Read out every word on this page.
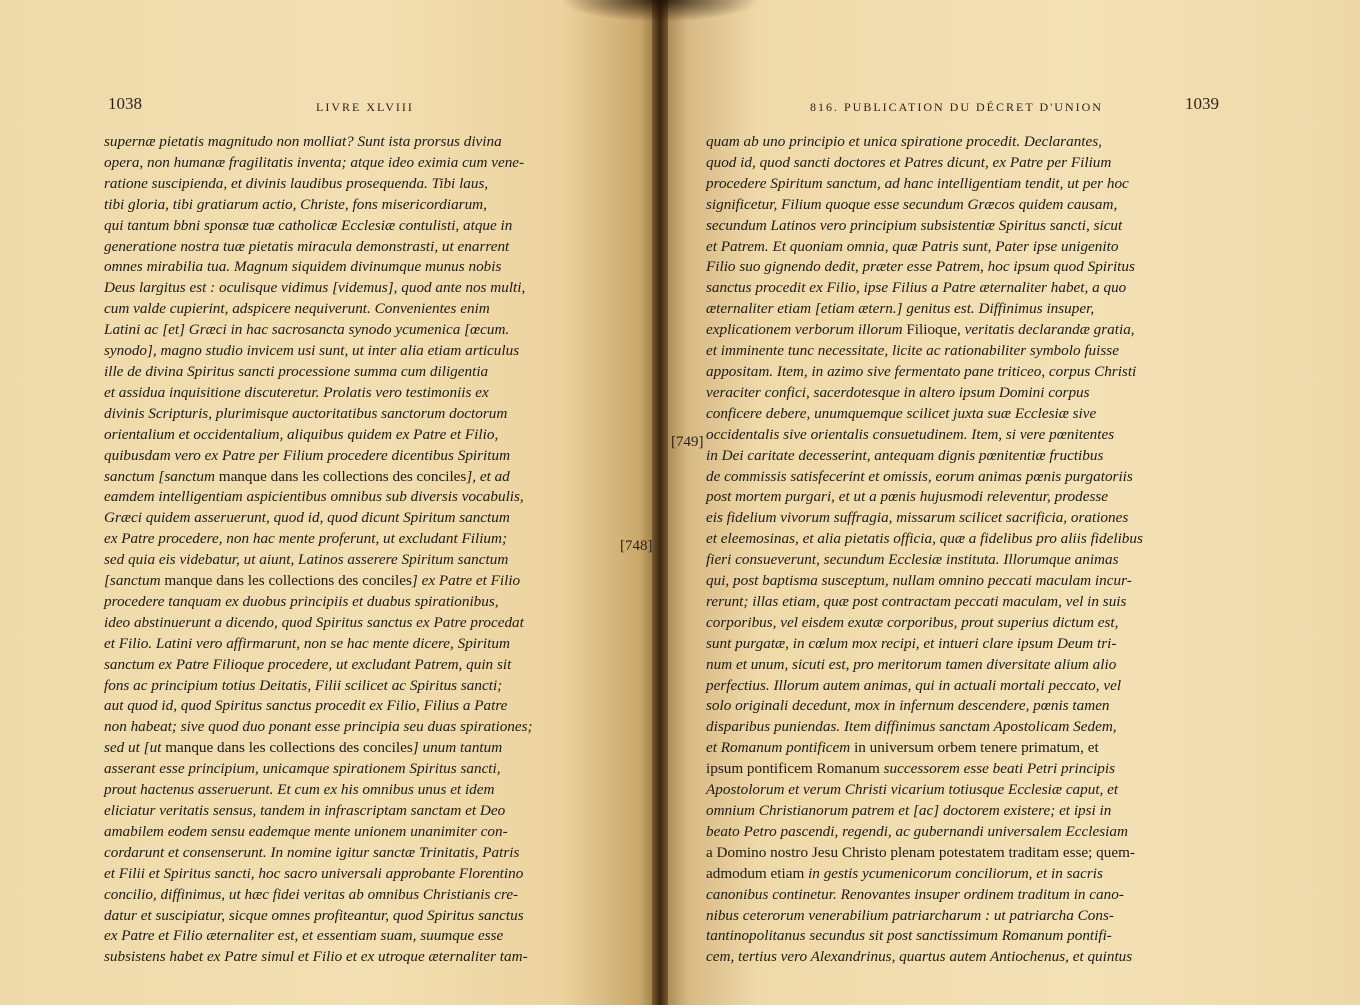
1038	LIVRE XLVIII
supernæ pietatis magnitudo non molliat? Sunt ista prorsus divina
opera, non humanæ fragilitatis inventa; atque ideo eximia cum vene-
ratione suscipienda, et divinis laudibus prosequenda. Tibi laus,
tibi gloria, tibi gratiarum actio, Christe, fons misericordiarum,
qui tantum bbni sponsæ tuæ catholicæ Ecclesiæ contulisti, atque in
generatione nostra tuæ pietatis miracula demonstrasti, ut enarrent
omnes mirabilia tua. Magnum siquidem divinumque munus nobis
Deus largitus est : oculisque vidimus [videmus], quod ante nos multi,
cum valde cupierint, adspicere nequiverunt. Convenientes enim
Latini ac [et] Græci in hac sacrosancta synodo ycumenica [œcum.
synodo], magno studio invicem usi sunt, ut inter alia etiam articulus
ille de divina Spiritus sancti processione summa cum diligentia
et assidua inquisitione discuteretur. Prolatis vero testimoniis ex
divinis Scripturis, plurimisque auctoritatibus sanctorum doctorum
orientalium et occidentalium, aliquibus quidem ex Patre et Filio,
quibusdam vero ex Patre per Filium procedere dicentibus Spiritum
sanctum [sanctum manque dans les collections des conciles], et ad
eamdem intelligentiam aspicientibus omnibus sub diversis vocabulis,
Græci quidem asseruerunt, quod id, quod dicunt Spiritum sanctum
ex Patre procedere, non hac mente proferunt, ut excludant Filium;
sed quia eis videbatur, ut aiunt, Latinos asserere Spiritum sanctum
[sanctum manque dans les collections des conciles] ex Patre et Filio
procedere tanquam ex duobus principiis et duabus spirationibus,
ideo abstinuerunt a dicendo, quod Spiritus sanctus ex Patre procedat
et Filio. Latini vero affirmarunt, non se hac mente dicere, Spiritum
sanctum ex Patre Filioque procedere, ut excludant Patrem, quin sit
fons ac principium totius Deitatis, Filii scilicet ac Spiritus sancti;
aut quod id, quod Spiritus sanctus procedit ex Filio, Filius a Patre
non habeat; sive quod duo ponant esse principia seu duas spirationes;
sed ut [ut manque dans les collections des conciles] unum tantum
asserant esse principium, unicamque spirationem Spiritus sancti,
prout hactenus asseruerunt. Et cum ex his omnibus unus et idem
eliciatur veritatis sensus, tandem in infrascriptam sanctam et Deo
amabilem eodem sensu eademque mente unionem unanimiter con-
cordarunt et consenserunt. In nomine igitur sanctæ Trinitatis, Patris
et Filii et Spiritus sancti, hoc sacro universali approbante Florentino
concilio, diffinimus, ut hæc fidei veritas ab omnibus Christianis cre-
datur et suscipiatur, sicque omnes profiteantur, quod Spiritus sanctus
ex Patre et Filio æternaliter est, et essentiam suam, suumque esse
subsistens habet ex Patre simul et Filio et ex utroque æternaliter tam-
816. PUBLICATION DU DÉCRET D'UNION	1039
quam ab uno principio et unica spiratione procedit. Declarantes,
quod id, quod sancti doctores et Patres dicunt, ex Patre per Filium
procedere Spiritum sanctum, ad hanc intelligentiam tendit, ut per hoc
significetur, Filium quoque esse secundum Græcos quidem causam,
secundum Latinos vero principium subsistentiæ Spiritus sancti, sicut
et Patrem. Et quoniam omnia, quæ Patris sunt, Pater ipse unigenito
Filio suo gignendo dedit, præter esse Patrem, hoc ipsum quod Spiritus
sanctus procedit ex Filio, ipse Filius a Patre æternaliter habet, a quo
æternaliter etiam [etiam ætern.] genitus est. Diffinimus insuper,
explicationem verborum illorum Filioque, veritatis declarandæ gratia,
et imminente tunc necessitate, licite ac rationabiliter symbolo fuisse
appositam. Item, in azimo sive fermentato pane triticeo, corpus Christi
veraciter confici, sacerdotesque in altero ipsum Domini corpus
conficere debere, unumquemque scilicet juxta suæ Ecclesiæ sive
occidentalis sive orientalis consuetudinem. Item, si vere pœnitentes
in Dei caritate decesserint, antequam dignis pœnitentiæ fructibus
de commissis satisfecerint et omissis, eorum animas pœnis purgatoriis
post mortem purgari, et ut a pœnis hujusmodi releventur, prodesse
eis fidelium vivorum suffragia, missarum scilicet sacrificia, orationes
et eleemosinas, et alia pietatis officia, quæ a fidelibus pro aliis fidelibus
fieri consueverunt, secundum Ecclesiæ instituta. Illorumque animas
qui, post baptisma susceptum, nullam omnino peccati maculam incur-
rerunt; illas etiam, quæ post contractam peccati maculam, vel in suis
corporibus, vel eisdem exutæ corporibus, prout superius dictum est,
sunt purgatæ, in cœlum mox recipi, et intueri clare ipsum Deum tri-
num et unum, sicuti est, pro meritorum tamen diversitate alium alio
perfectius. Illorum autem animas, qui in actuali mortali peccato, vel
solo originali decedunt, mox in infernum descendere, pœnis tamen
disparibus puniendas. Item diffinimus sanctam Apostolicam Sedem,
et Romanum pontificem in universum orbem tenere primatum, et
ipsum pontificem Romanum successorem esse beati Petri principis
Apostolorum et verum Christi vicarium totiusque Ecclesiæ caput, et
omnium Christianorum patrem et [ac] doctorem existere; et ipsi in
beato Petro pascendi, regendi, ac gubernandi universalem Ecclesiam
a Domino nostro Jesu Christo plenam potestatem traditam esse; quem-
admodum etiam in gestis ycumenicorum conciliorum, et in sacris
canonibus continetur. Renovantes insuper ordinem traditum in cano-
nibus ceterorum venerabilium patriarcharum : ut patriarcha Cons-
tantinopolitanus secundus sit post sanctissimum Romanum pontifi-
cem, tertius vero Alexandrinus, quartus autem Antiochenus, et quintus
[748]
[749]
